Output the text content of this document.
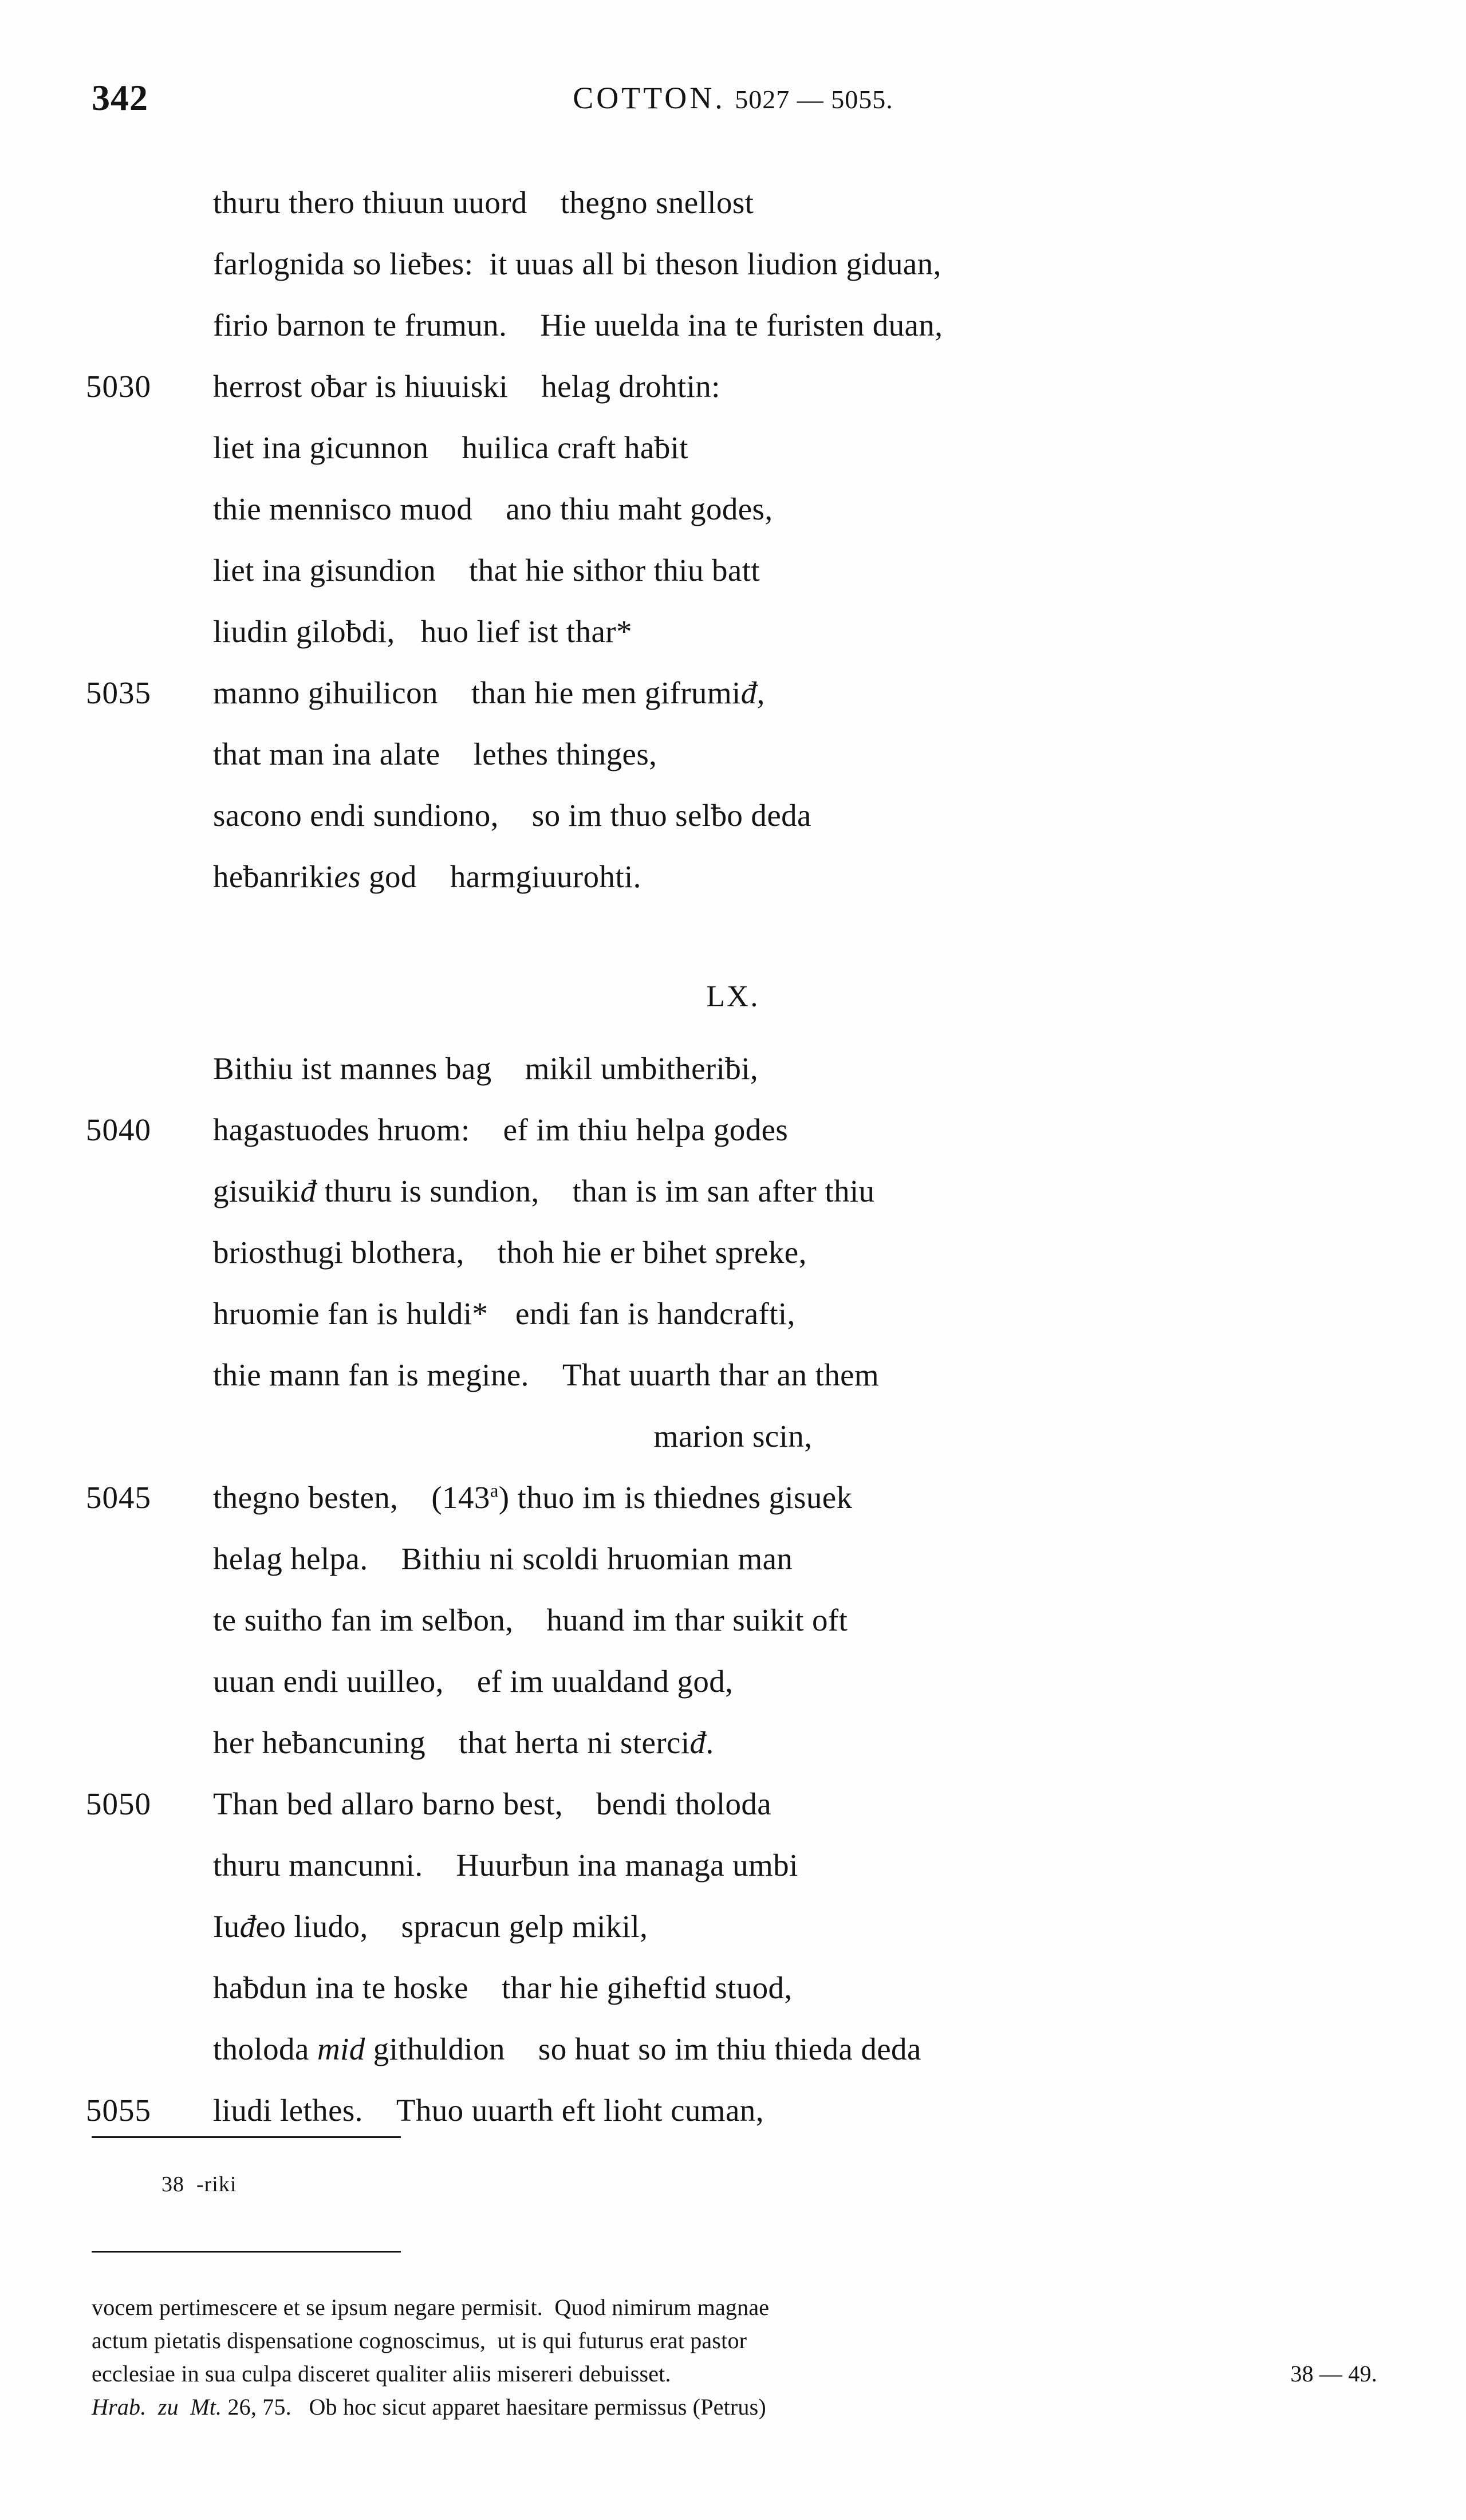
342	COTTON. 5027 — 5055.
thuru thero thiuun uuord thegno snellost
farlognida so lieƀes: it uuas all bi theson liudion giduan,
firio barnon te frumun. Hie uuelda ina te furisten duan,
5030	herrost oƀar is hiuuiski helag drohtin:
liet ina gicunnon huilica craft haƀit
thie mennisco muod ano thiu maht godes,
liet ina gisundion that hie sithor thiu batt
liudin giloƀdi, huo lief ist thar*
5035	manno gihuilicon than hie men gifrumiđ,
that man ina alate lethes thinges,
sacono endi sundiono, so im thuo selƀo deda
heƀanrikies god harmgiuurohti.
LX.
Bithiu ist mannes bag mikil umbitheriƀi,
5040	hagastuodes hruom: ef im thiu helpa godes
gisuikiđ thuru is sundion, than is im san after thiu
briosthugi blothera, thoh hie er bihet spreke,
hruomie fan is huldi* endi fan is handcrafti,
thie mann fan is megine. That uuarth thar an them
marion scin,
5045	thegno besten, (143$^a$) thuo im is thiednes gisuek
helag helpa. Bithiu ni scoldi hruomian man
te suitho fan im selƀon, huand im thar suikit oft
uuan endi uuilleo, ef im uualdand god,
her heƀancuning that herta ni sterciđ.
5050	Than bed allaro barno best, bendi tholoda
thuru mancunni. Huurƀun ina managa umbi
Iuđeo liudo, spracun gelp mikil,
haƀdun ina te hoske thar hie giheftid stuod,
tholoda mid githuldion so huat so im thiu thieda deda
5055	liudi lethes. Thuo uuarth eft lioht cuman,
38  -riki
vocem pertimescere et se ipsum negare permisit.  Quod nimirum magnae
actum pietatis dispensatione cognoscimus,  ut is qui futurus erat pastor
ecclesiae in sua culpa disceret qualiter aliis misereri debuisset.	38 — 49.
Hrab.  zu  Mt. 26, 75.   Ob hoc sicut apparet haesitare permissus (Petrus)
